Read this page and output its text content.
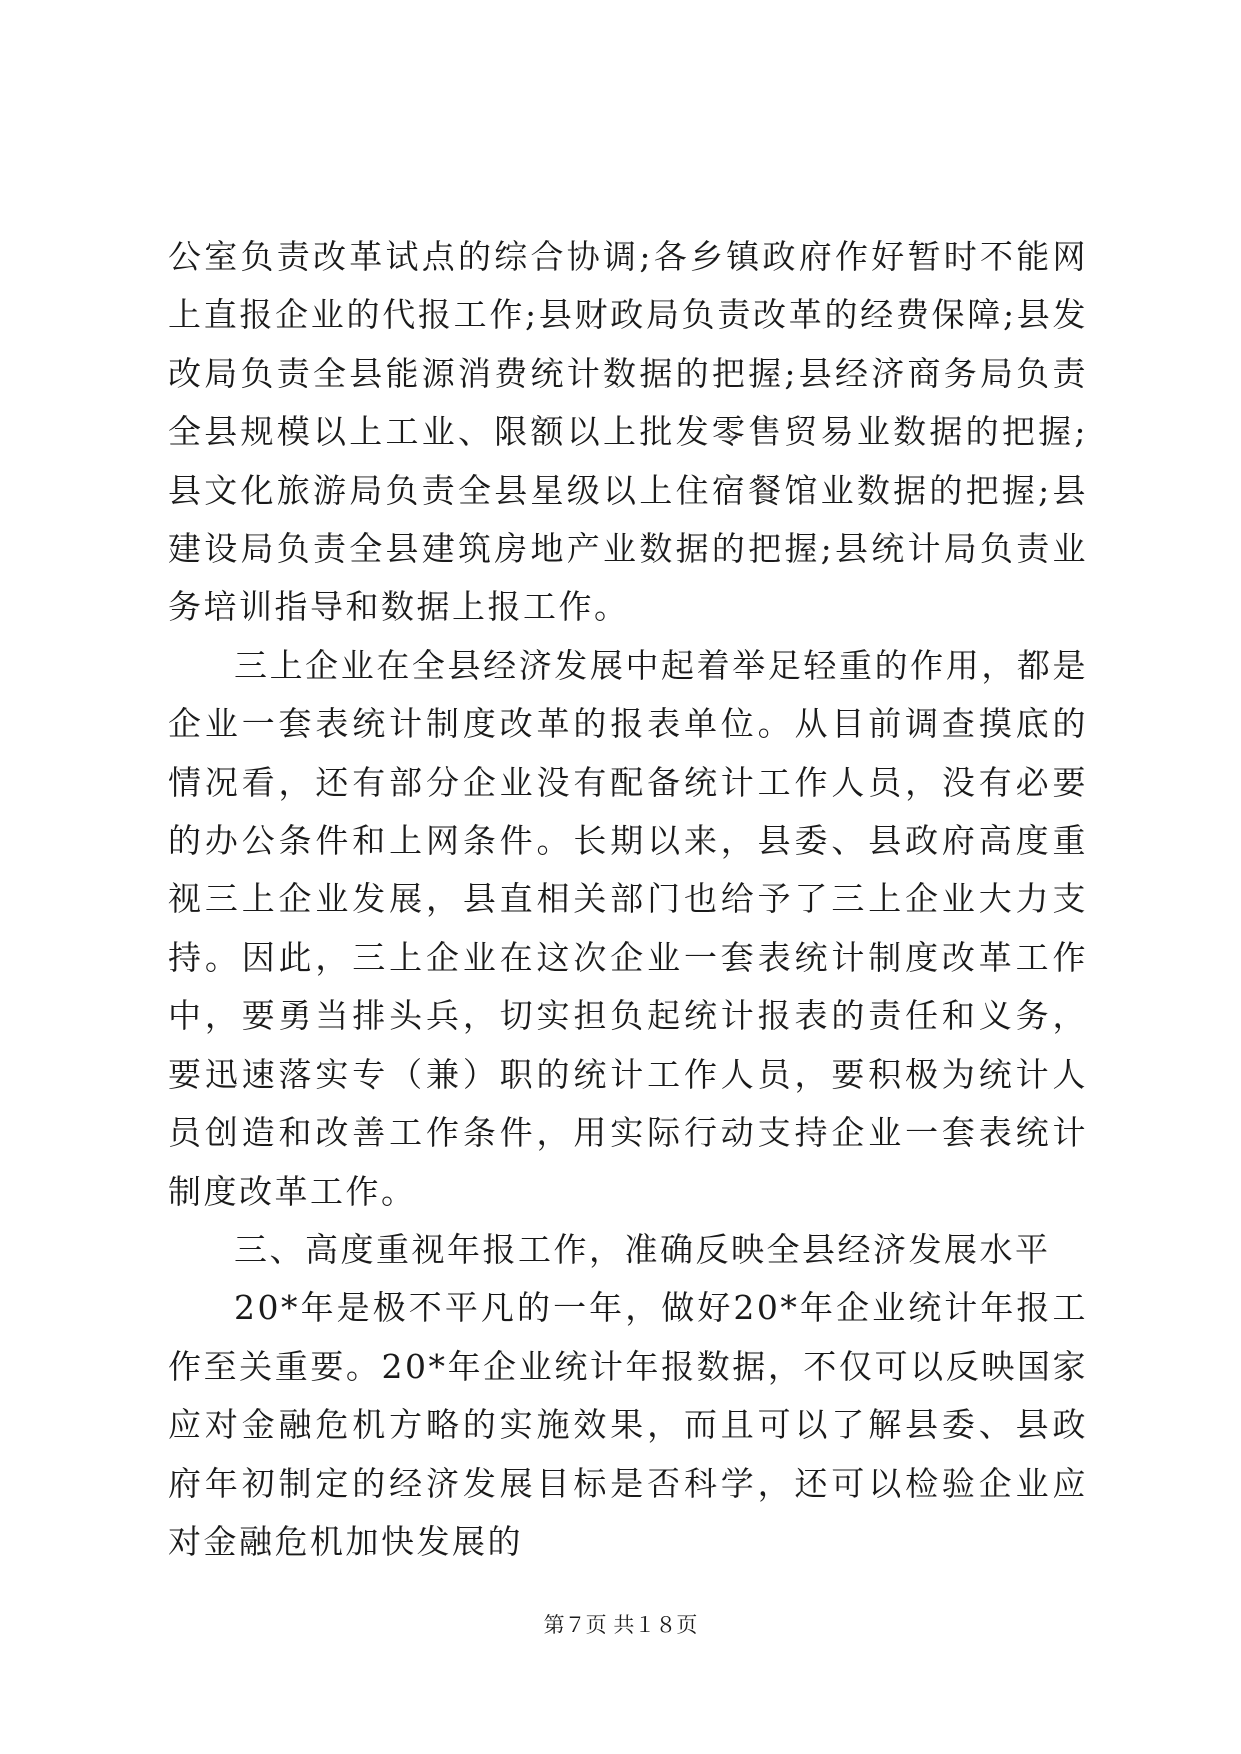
公室负责改革试点的综合协调;各乡镇政府作好暂时不能网上直报企业的代报工作;县财政局负责改革的经费保障;县发改局负责全县能源消费统计数据的把握;县经济商务局负责全县规模以上工业、限额以上批发零售贸易业数据的把握;县文化旅游局负责全县星级以上住宿餐馆业数据的把握;县建设局负责全县建筑房地产业数据的把握;县统计局负责业务培训指导和数据上报工作。

三上企业在全县经济发展中起着举足轻重的作用，都是企业一套表统计制度改革的报表单位。从目前调查摸底的情况看，还有部分企业没有配备统计工作人员，没有必要的办公条件和上网条件。长期以来，县委、县政府高度重视三上企业发展，县直相关部门也给予了三上企业大力支持。因此，三上企业在这次企业一套表统计制度改革工作中，要勇当排头兵，切实担负起统计报表的责任和义务，要迅速落实专（兼）职的统计工作人员，要积极为统计人员创造和改善工作条件，用实际行动支持企业一套表统计制度改革工作。

三、高度重视年报工作，准确反映全县经济发展水平

20*年是极不平凡的一年，做好20*年企业统计年报工作至关重要。20*年企业统计年报数据，不仅可以反映国家应对金融危机方略的实施效果，而且可以了解县委、县政府年初制定的经济发展目标是否科学，还可以检验企业应对金融危机加快发展的

第７页 共１８页
